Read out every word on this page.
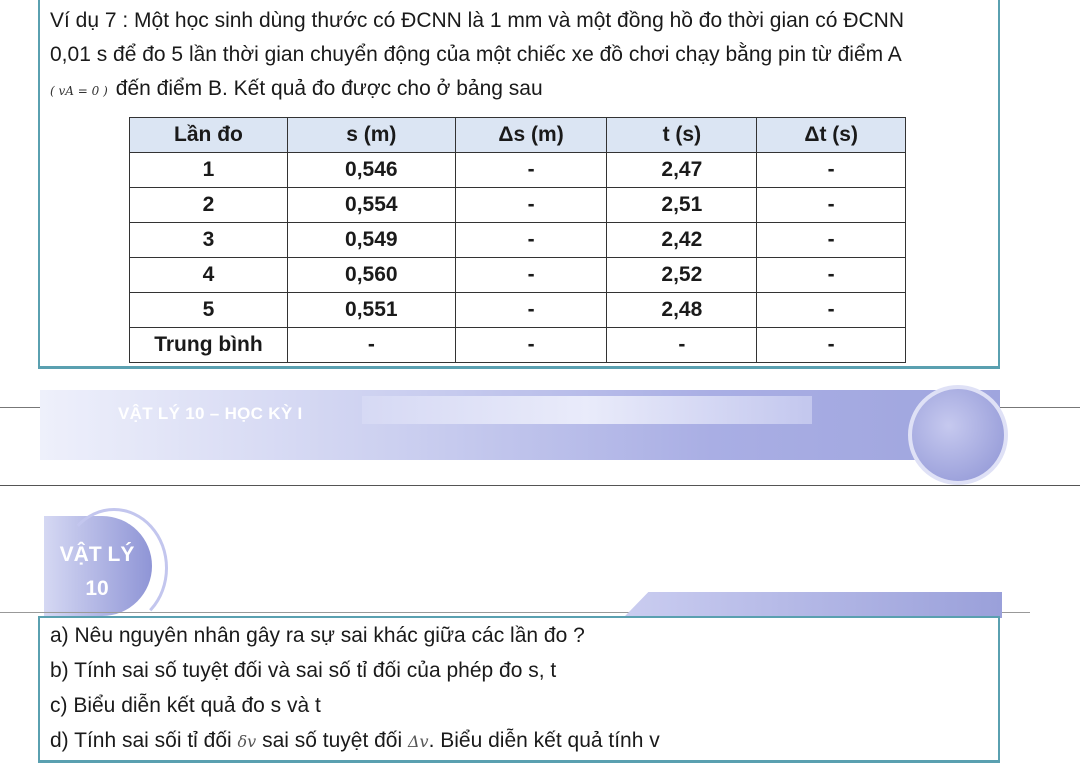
Ví dụ 7 : Một học sinh dùng thước có ĐCNN là 1 mm và một đồng hồ đo thời gian có ĐCNN

0,01 s để đo 5 lần thời gian chuyển động của một chiếc xe đồ chơi chạy bằng pin từ điểm A

( vA = 0 ) đến điểm B. Kết quả đo được cho ở bảng sau

Lần đo	s (m)	Δs (m)	t (s)	Δt (s)
1	0,546	-	2,47	-
2	0,554	-	2,51	-
3	0,549	-	2,42	-
4	0,560	-	2,52	-
5	0,551	-	2,48	-
Trung bình	-	-	-	-
VẬT LÝ 10 – HỌC KỲ I
VẬT LÝ
10

a) Nêu nguyên nhân gây ra sự sai khác giữa các lần đo ?

b) Tính sai số tuyệt đối và sai số tỉ đối của phép đo s, t

c) Biểu diễn kết quả đo s và t

d) Tính sai sối tỉ đối δv sai số tuyệt đối Δv. Biểu diễn kết quả tính v
